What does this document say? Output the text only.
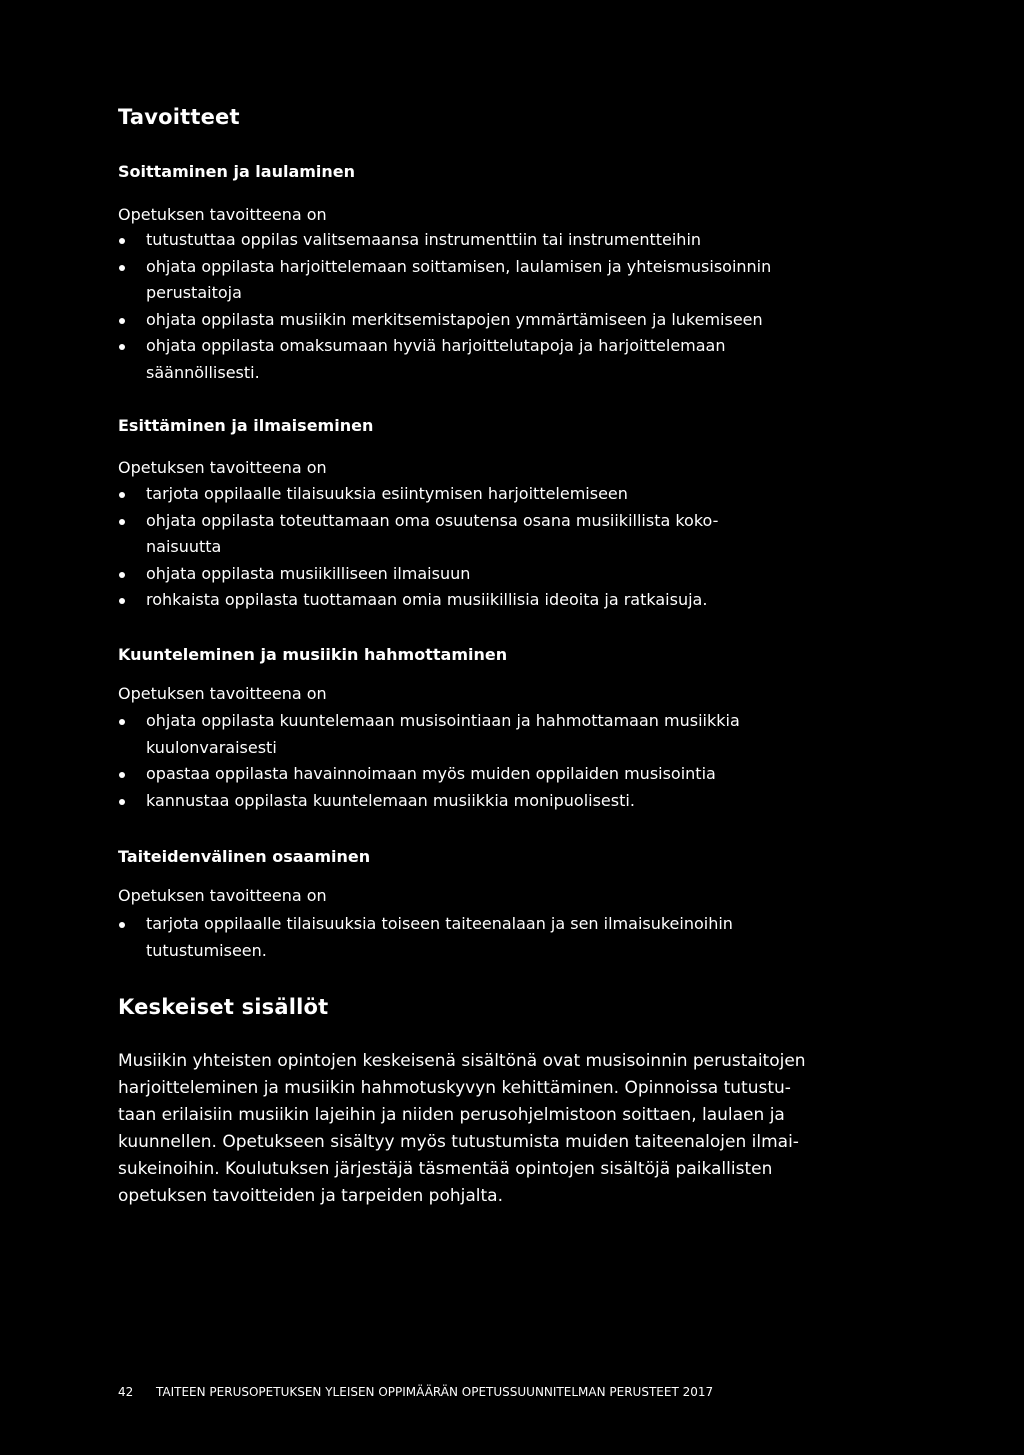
Tavoitteet
Soittaminen ja laulaminen
Opetuksen tavoitteena on
tutustuttaa oppilas valitsemaansa instrumenttiin tai instrumentteihin
ohjata oppilasta harjoittelemaan soittamisen, laulamisen ja yhteismusisoinnin
perustaitoja
ohjata oppilasta musiikin merkitsemistapojen ymmärtämiseen ja lukemiseen
ohjata oppilasta omaksumaan hyviä harjoittelutapoja ja harjoittelemaan
säännöllisesti.
Esittäminen ja ilmaiseminen
Opetuksen tavoitteena on
tarjota oppilaalle tilaisuuksia esiintymisen harjoittelemiseen
ohjata oppilasta toteuttamaan oma osuutensa osana musiikillista koko-
naisuutta
ohjata oppilasta musiikilliseen ilmaisuun
rohkaista oppilasta tuottamaan omia musiikillisia ideoita ja ratkaisuja.
Kuunteleminen ja musiikin hahmottaminen
Opetuksen tavoitteena on
ohjata oppilasta kuuntelemaan musisointiaan ja hahmottamaan musiikkia
kuulonvaraisesti
opastaa oppilasta havainnoimaan myös muiden oppilaiden musisointia
kannustaa oppilasta kuuntelemaan musiikkia monipuolisesti.
Taiteidenvälinen osaaminen
Opetuksen tavoitteena on
tarjota oppilaalle tilaisuuksia toiseen taiteenalaan ja sen ilmaisukeinoihin
tutustumiseen.
Keskeiset sisällöt
Musiikin yhteisten opintojen keskeisenä sisältönä ovat musisoinnin perustaitojen
harjoitteleminen ja musiikin hahmotuskyvyn kehittäminen. Opinnoissa tutustu-
taan erilaisiin musiikin lajeihin ja niiden perusohjelmistoon soittaen, laulaen ja
kuunnellen. Opetukseen sisältyy myös tutustumista muiden taiteenalojen ilmai-
sukeinoihin. Koulutuksen järjestäjä täsmentää opintojen sisältöjä paikallisten
opetuksen tavoitteiden ja tarpeiden pohjalta.
42 TAITEEN PERUSOPETUKSEN YLEISEN OPPIMÄÄRÄN OPETUSSUUNNITELMAN PERUSTEET 2017
